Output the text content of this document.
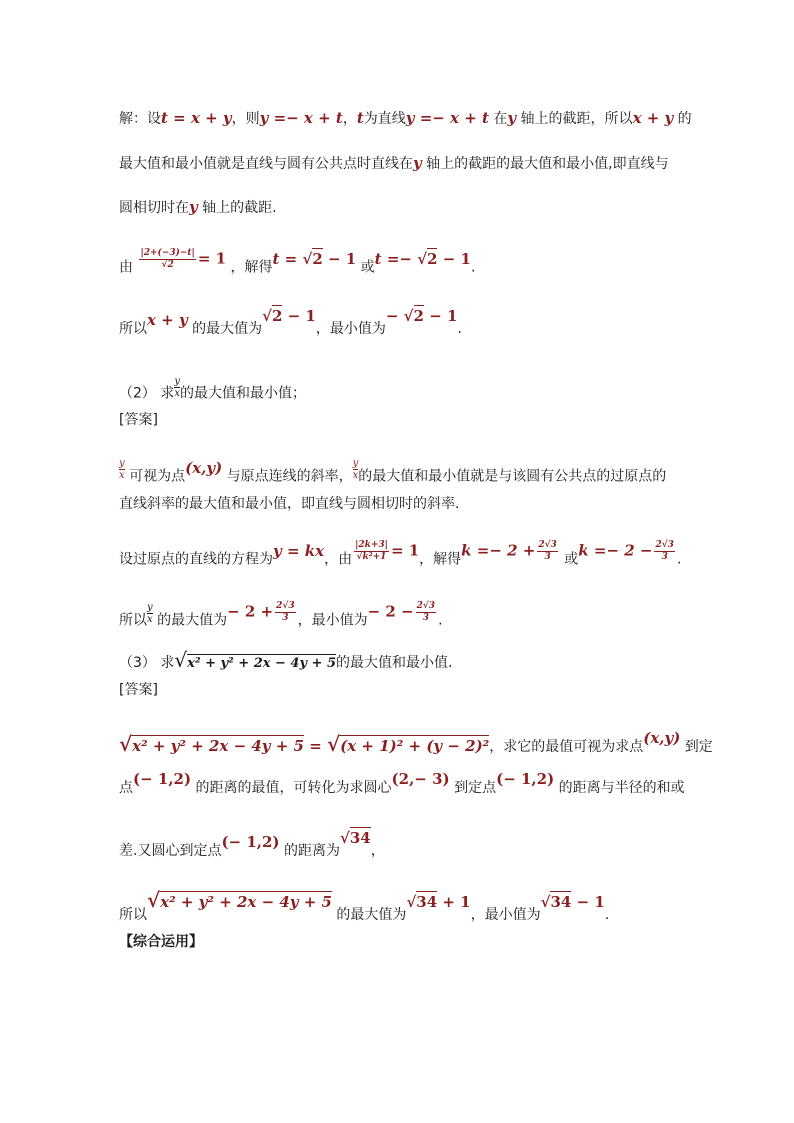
解：设t = x + y，则y =− x + t，t为直线y =− x + t 在y 轴上的截距，所以x + y 的
最大值和最小值就是直线与圆有公共点时直线在y 轴上的截距的最大值和最小值,即直线与
圆相切时在y 轴上的截距.
由 $\frac{|2+(-3)-t|}{√2} = 1$ ，解得t = √2 − 1 或t =− √2 − 1.
所以x + y 的最大值为√2 − 1，最小值为− √2 − 1.
（2） 求 $\frac{y}{x}$的最大值和最小值；
[答案]
$\frac{y}{x}$ 可视为点(x,y) 与原点连线的斜率， $\frac{y}{x}$的最大值和最小值就是与该圆有公共点的过原点的
直线斜率的最大值和最小值，即直线与圆相切时的斜率.
设过原点的直线的方程为y = kx，由 $\frac{|2k+3|}{\text{√k²+1}} = 1$，解得$k =- 2 + \frac{2√3}{3}$ 或$k =- 2 - \frac{2√3}{3}$ .
所以 $\frac{y}{x}$ 的最大值为− $2 + \frac{2√3}{3}$ ，最小值为− $2 - \frac{2√3}{3}$ .
（3） 求√x² + y² + 2x − 4y + 5的最大值和最小值.
[答案]
√x² + y² + 2x − 4y + 5 = √(x + 1)² + (y − 2)²，求它的最值可视为求点(x,y) 到定
点(− 1,2) 的距离的最值，可转化为求圆心(2,− 3) 到定点(− 1,2) 的距离与半径的和或
差.又圆心到定点(− 1,2) 的距离为√34，
所以√x² + y² + 2x − 4y + 5 的最大值为√34 + 1，最小值为√34 − 1.
【综合运用】
